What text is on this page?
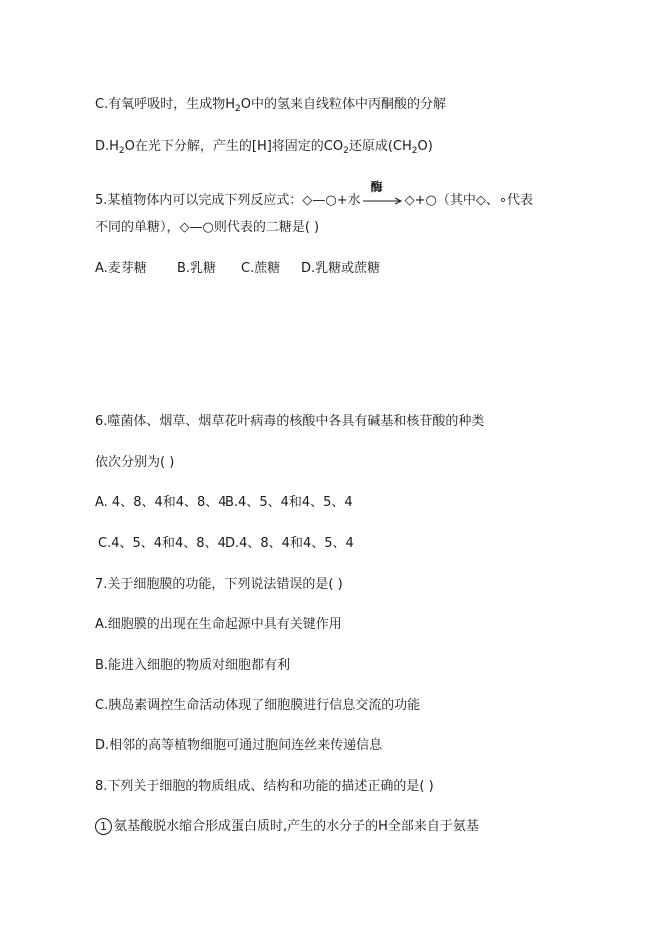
C.有氧呼吸时，生成物$H_2O$中的氢来自线粒体中丙酮酸的分解
$D.H_2O$在光下分解，产生的[H]将固定的$CO_2$还原成$(CH_2O)$
5.某植物体内可以完成下列反应式：◇—○+水
酶
◇+○（其中◇、∘代表
不同的单糖），◇—○则代表的二糖是( )
A.麦芽糖 B.乳糖 C.蔗糖 D.乳糖或蔗糖
6.噬菌体、烟草、烟草花叶病毒的核酸中各具有碱基和核苷酸的种类
依次分别为( )
A. 4、8、4和4、8、4B.4、5、4和4、5、4
C.4、5、4和4、8、4D.4、8、4和4、5、4
7.关于细胞膜的功能，下列说法错误的是( )
A.细胞膜的出现在生命起源中具有关键作用
B.能进入细胞的物质对细胞都有利
C.胰岛素调控生命活动体现了细胞膜进行信息交流的功能
D.相邻的高等植物细胞可通过胞间连丝来传递信息
8.下列关于细胞的物质组成、结构和功能的描述正确的是( )
1 氨基酸脱水缩合形成蛋白质时,产生的水分子的H全部来自于氨基
